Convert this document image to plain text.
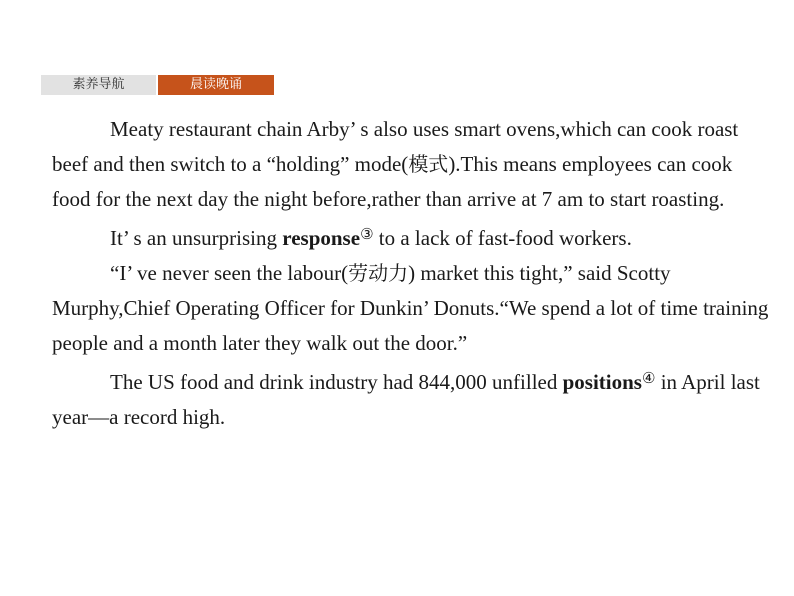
素养导航	晨读晚诵

Meaty restaurant chain Arby’ s also uses smart ovens,which can cook roast beef and then switch to a “holding” mode(模式).This means employees can cook food for the next day the night before,rather than arrive at 7 am to start roasting.

It’ s an unsurprising response③ to a lack of fast-food workers.

“I’ ve never seen the labour(劳动力) market this tight,” said Scotty Murphy,Chief Operating Officer for Dunkin’ Donuts.“We spend a lot of time training people and a month later they walk out the door.”

The US food and drink industry had 844,000 unfilled positions④ in April last year—a record high.
